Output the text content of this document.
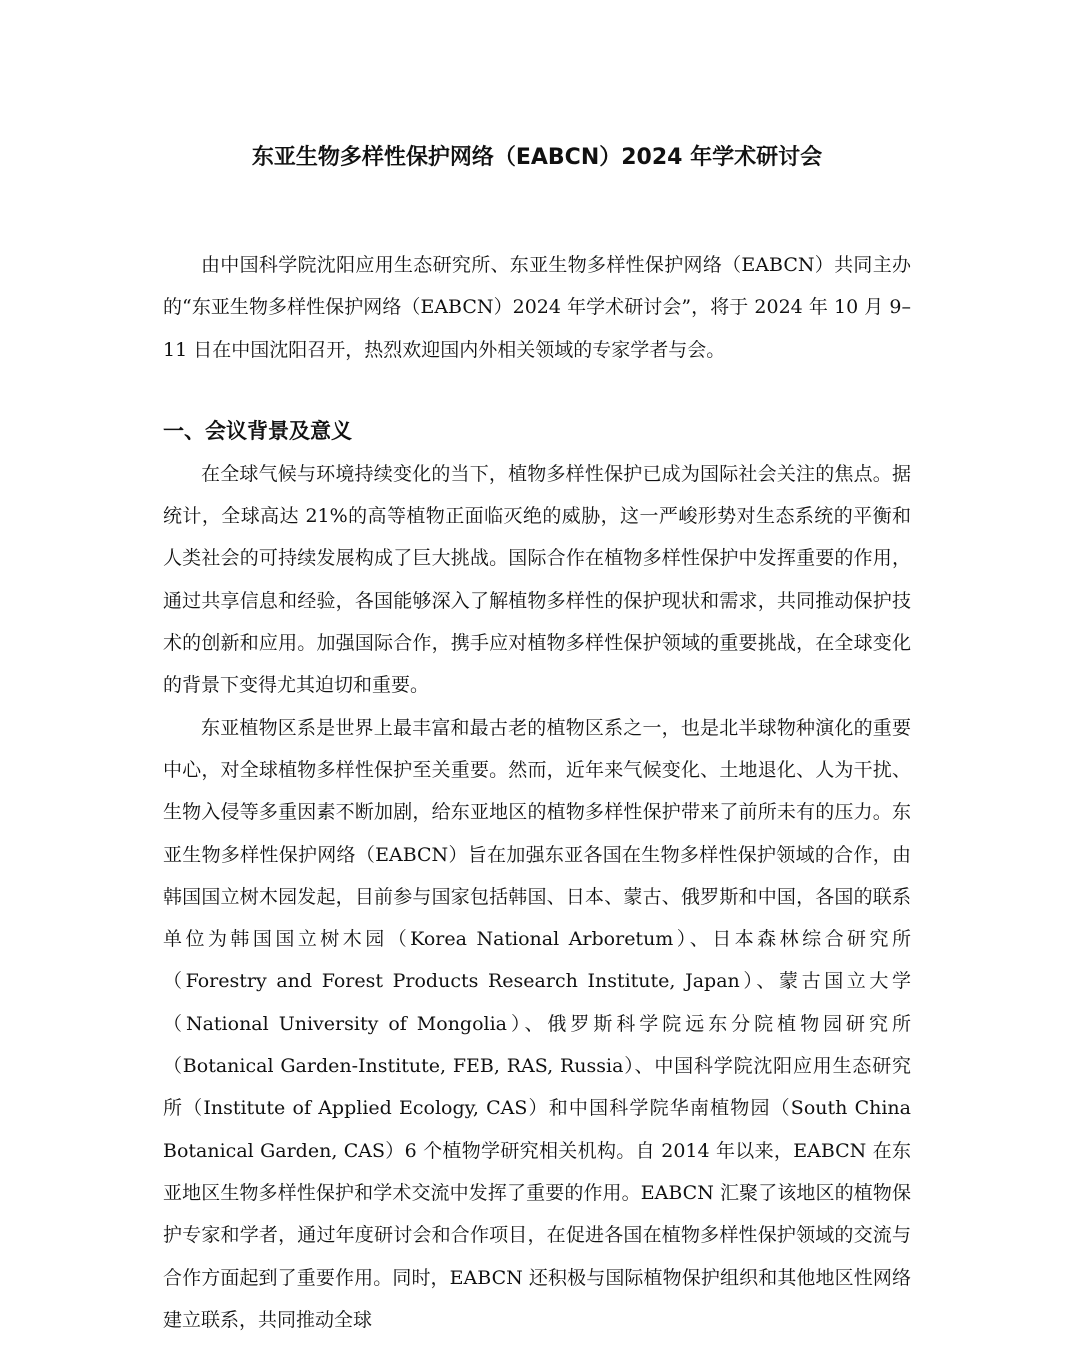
东亚生物多样性保护网络（EABCN）2024 年学术研讨会

由中国科学院沈阳应用生态研究所、东亚生物多样性保护网络（EABCN）共同主办的“东亚生物多样性保护网络（EABCN）2024 年学术研讨会”，将于 2024 年 10 月 9–11 日在中国沈阳召开，热烈欢迎国内外相关领域的专家学者与会。

一、会议背景及意义

在全球气候与环境持续变化的当下，植物多样性保护已成为国际社会关注的焦点。据统计，全球高达 21%的高等植物正面临灭绝的威胁，这一严峻形势对生态系统的平衡和人类社会的可持续发展构成了巨大挑战。国际合作在植物多样性保护中发挥重要的作用，通过共享信息和经验，各国能够深入了解植物多样性的保护现状和需求，共同推动保护技术的创新和应用。加强国际合作，携手应对植物多样性保护领域的重要挑战，在全球变化的背景下变得尤其迫切和重要。

东亚植物区系是世界上最丰富和最古老的植物区系之一，也是北半球物种演化的重要中心，对全球植物多样性保护至关重要。然而，近年来气候变化、土地退化、人为干扰、生物入侵等多重因素不断加剧，给东亚地区的植物多样性保护带来了前所未有的压力。东亚生物多样性保护网络（EABCN）旨在加强东亚各国在生物多样性保护领域的合作，由韩国国立树木园发起，目前参与国家包括韩国、日本、蒙古、俄罗斯和中国，各国的联系单位为韩国国立树木园（Korea National Arboretum）、日本森林综合研究所（Forestry and Forest Products Research Institute, Japan）、蒙古国立大学（National University of Mongolia）、俄罗斯科学院远东分院植物园研究所（Botanical Garden-Institute, FEB, RAS, Russia）、中国科学院沈阳应用生态研究所（Institute of Applied Ecology, CAS）和中国科学院华南植物园（South China Botanical Garden, CAS）6 个植物学研究相关机构。自 2014 年以来，EABCN 在东亚地区生物多样性保护和学术交流中发挥了重要的作用。EABCN 汇聚了该地区的植物保护专家和学者，通过年度研讨会和合作项目，在促进各国在植物多样性保护领域的交流与合作方面起到了重要作用。同时，EABCN 还积极与国际植物保护组织和其他地区性网络建立联系，共同推动全球
